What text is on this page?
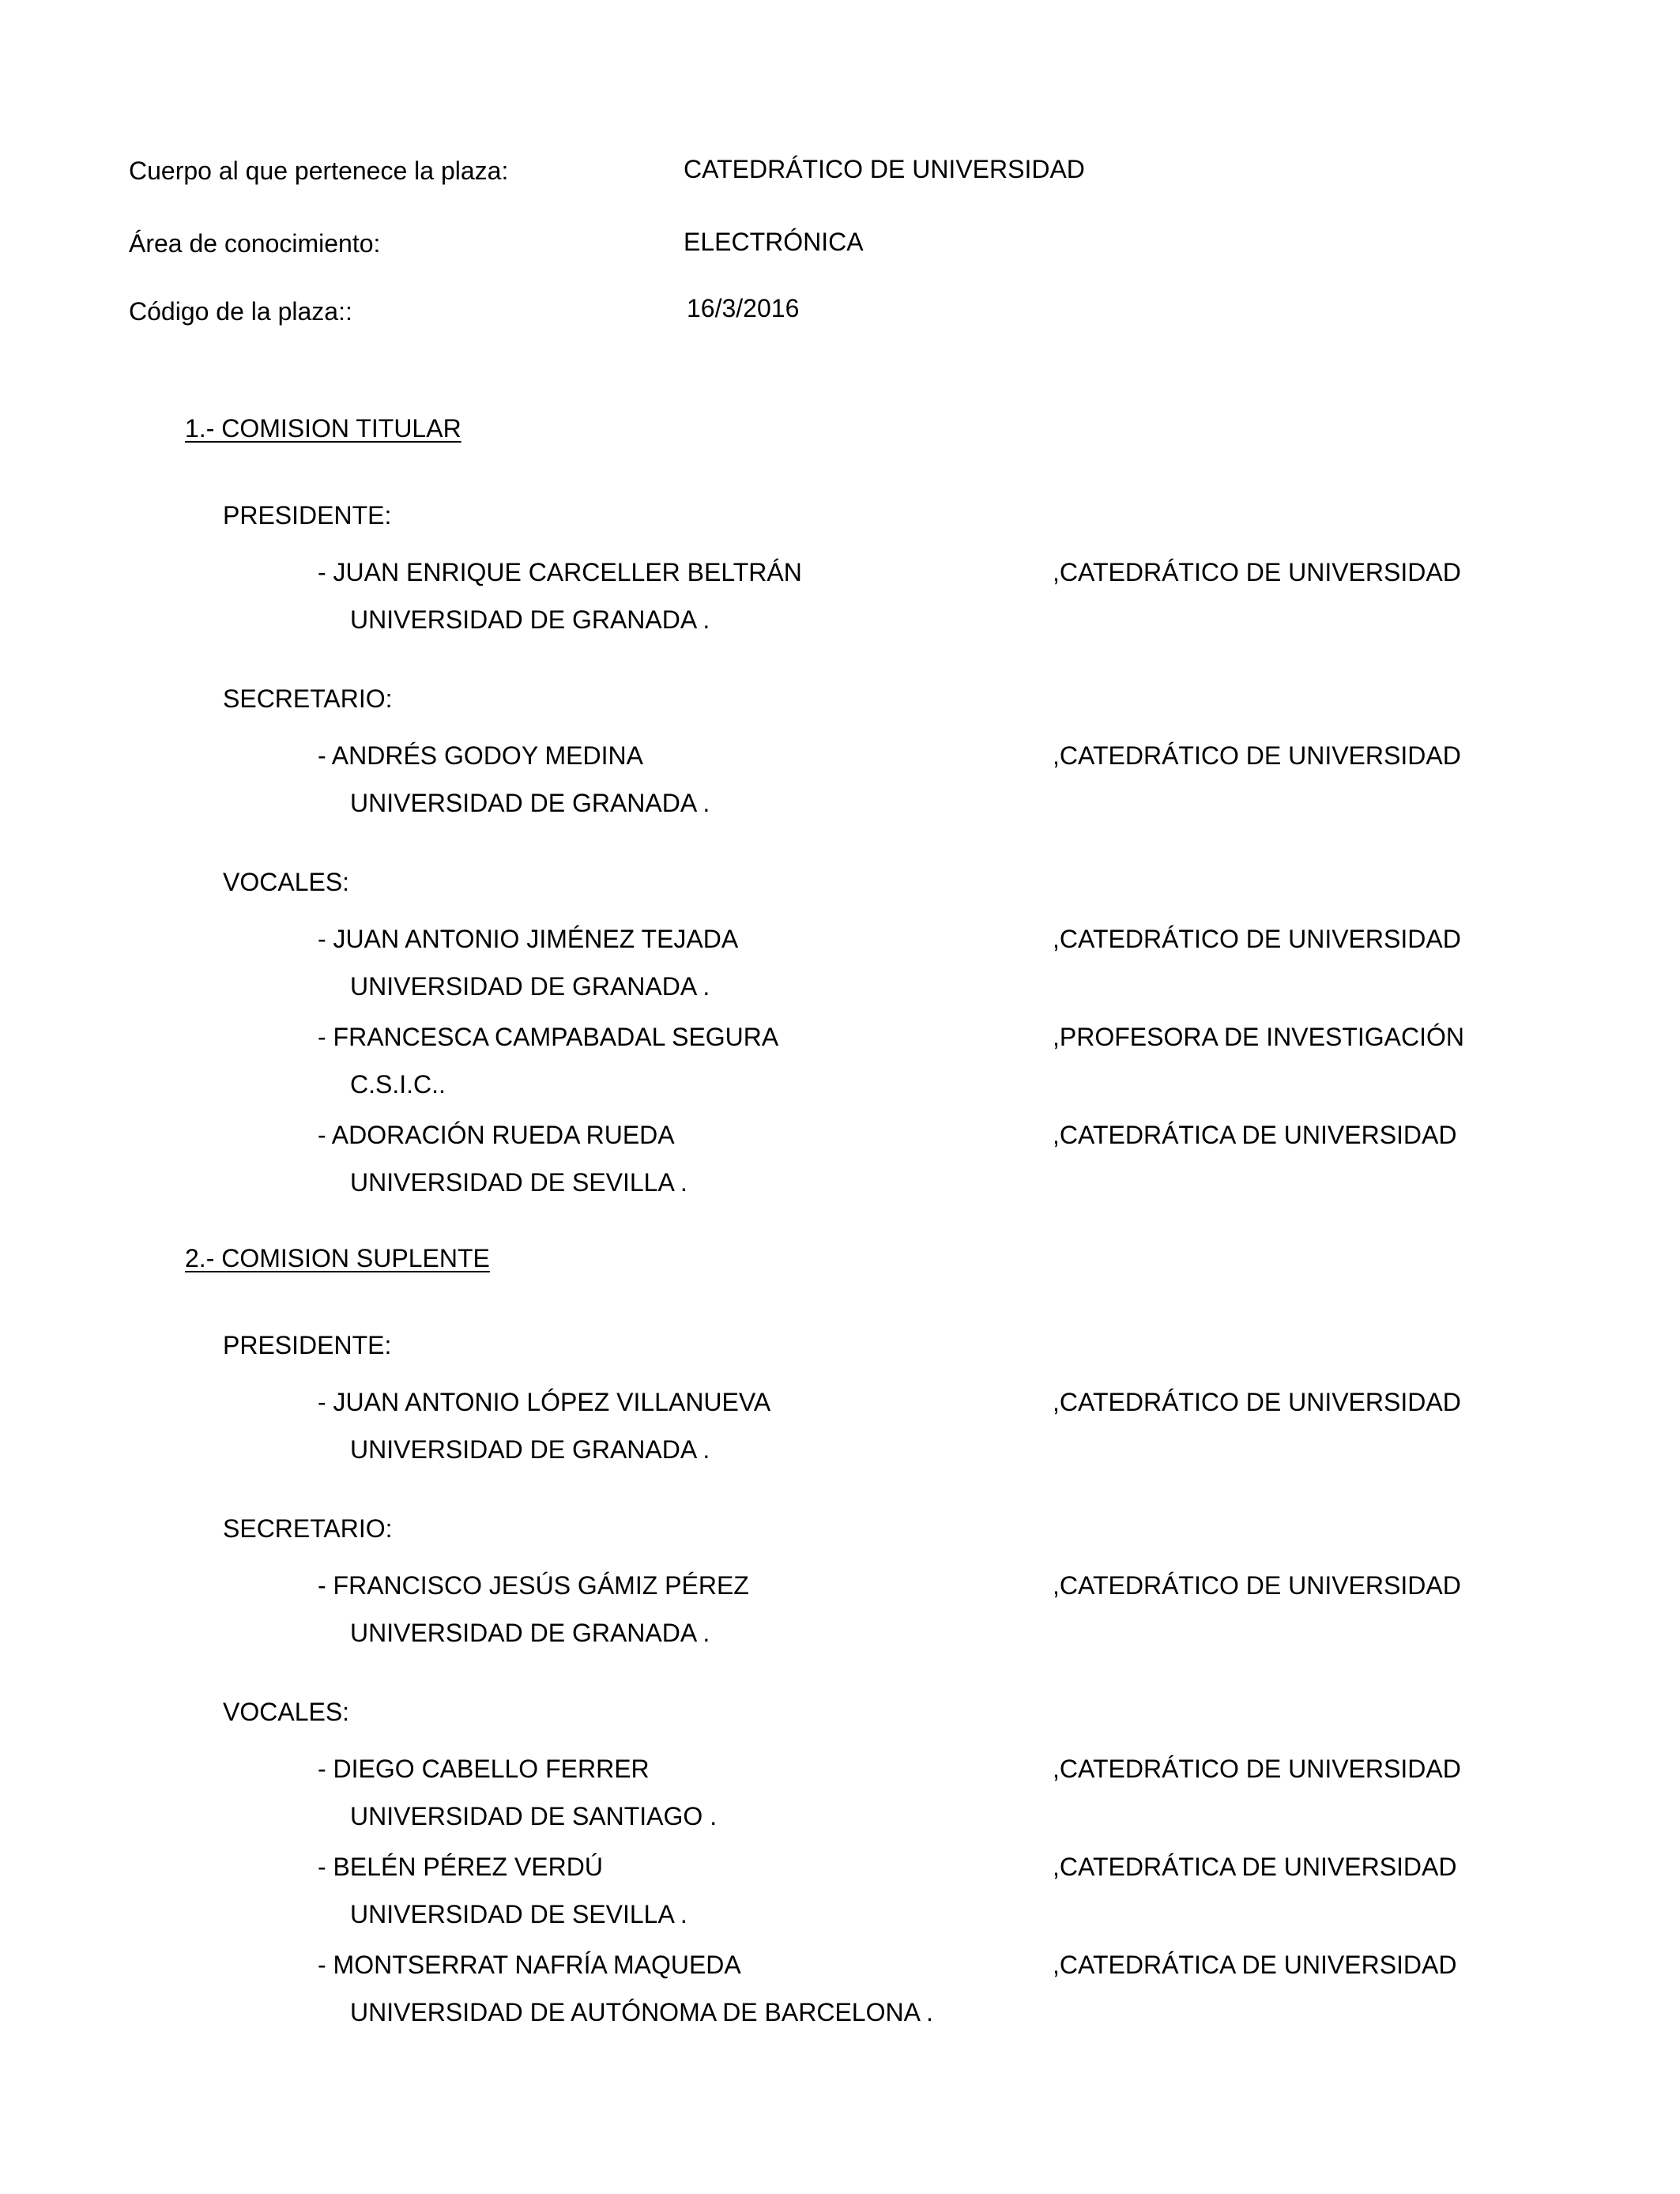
Cuerpo al que pertenece la plaza:	CATEDRÁTICO DE UNIVERSIDAD
Área de conocimiento:	ELECTRÓNICA
Código de la plaza::	16/3/2016
1.- COMISION TITULAR
PRESIDENTE:
- JUAN ENRIQUE CARCELLER BELTRÁN	,CATEDRÁTICO DE UNIVERSIDAD
UNIVERSIDAD DE GRANADA .
SECRETARIO:
- ANDRÉS GODOY MEDINA	,CATEDRÁTICO DE UNIVERSIDAD
UNIVERSIDAD DE GRANADA .
VOCALES:
- JUAN ANTONIO JIMÉNEZ TEJADA	,CATEDRÁTICO DE UNIVERSIDAD
UNIVERSIDAD DE GRANADA .
- FRANCESCA CAMPABADAL SEGURA	,PROFESORA DE INVESTIGACIÓN
C.S.I.C..
- ADORACIÓN RUEDA RUEDA	,CATEDRÁTICA DE UNIVERSIDAD
UNIVERSIDAD DE SEVILLA .
2.- COMISION SUPLENTE
PRESIDENTE:
- JUAN ANTONIO LÓPEZ VILLANUEVA	,CATEDRÁTICO DE UNIVERSIDAD
UNIVERSIDAD DE GRANADA .
SECRETARIO:
- FRANCISCO JESÚS GÁMIZ PÉREZ	,CATEDRÁTICO DE UNIVERSIDAD
UNIVERSIDAD DE GRANADA .
VOCALES:
- DIEGO CABELLO FERRER	,CATEDRÁTICO DE UNIVERSIDAD
UNIVERSIDAD DE SANTIAGO .
- BELÉN PÉREZ VERDÚ	,CATEDRÁTICA DE UNIVERSIDAD
UNIVERSIDAD DE SEVILLA .
- MONTSERRAT NAFRÍA MAQUEDA	,CATEDRÁTICA DE UNIVERSIDAD
UNIVERSIDAD DE AUTÓNOMA DE BARCELONA .
